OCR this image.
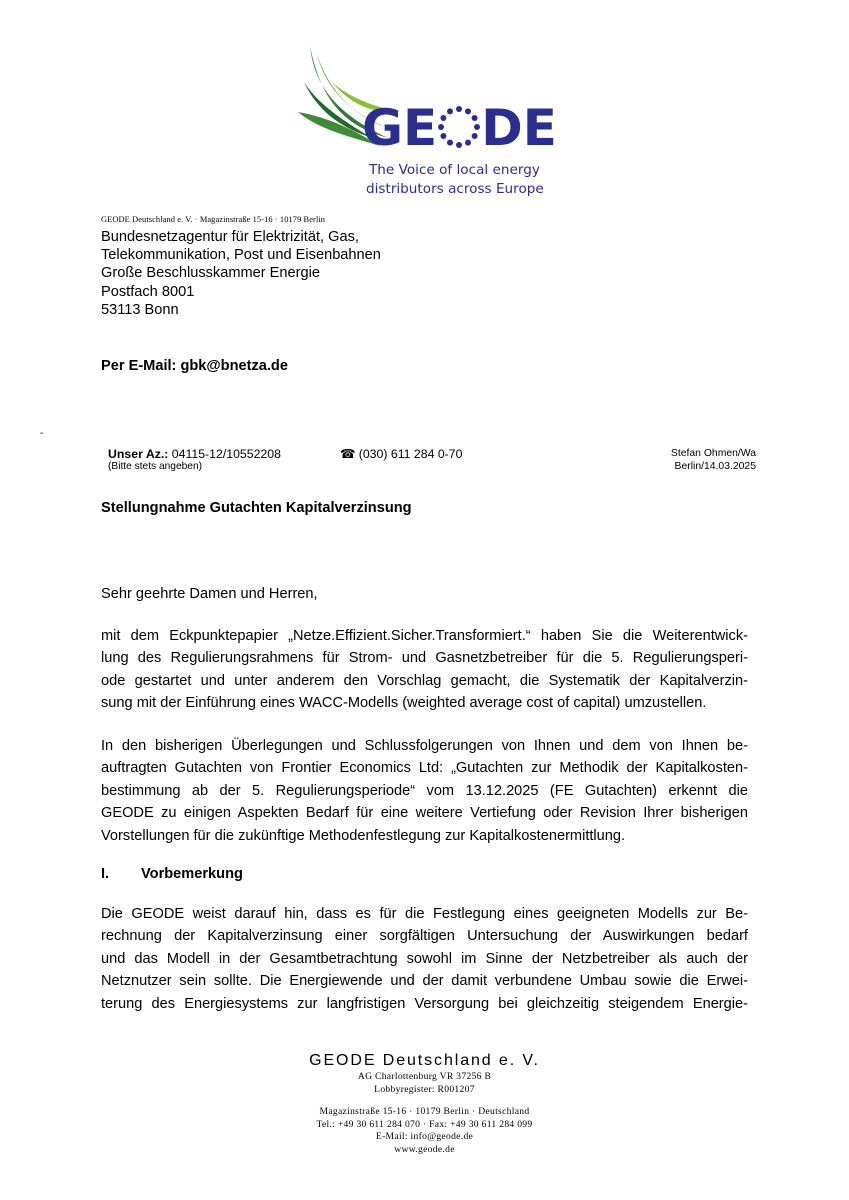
GE DE
The Voice of local energy
distributors across Europe
GEODE Deutschland e. V. · Magazinstraße 15-16 · 10179 Berlin
Bundesnetzagentur für Elektrizität, Gas,
Telekommunikation, Post und Eisenbahnen
Große Beschlusskammer Energie
Postfach 8001
53113 Bonn
Per E-Mail: gbk@bnetza.de
-
Unser Az.: 04115-12/10552208
(Bitte stets angeben)
☎ (030) 611 284 0-70	Stefan Ohmen/Wa
Berlin/14.03.2025
Stellungnahme Gutachten Kapitalverzinsung
Sehr geehrte Damen und Herren,
mit dem Eckpunktepapier „Netze.Effizient.Sicher.Transformiert.“ haben Sie die Weiterentwick-
lung des Regulierungsrahmens für Strom- und Gasnetzbetreiber für die 5. Regulierungsperi-
ode gestartet und unter anderem den Vorschlag gemacht, die Systematik der Kapitalverzin-
sung mit der Einführung eines WACC-Modells (weighted average cost of capital) umzustellen.
In den bisherigen Überlegungen und Schlussfolgerungen von Ihnen und dem von Ihnen be-
auftragten Gutachten von Frontier Economics Ltd: „Gutachten zur Methodik der Kapitalkosten-
bestimmung ab der 5. Regulierungsperiode“ vom 13.12.2025 (FE Gutachten) erkennt die
GEODE zu einigen Aspekten Bedarf für eine weitere Vertiefung oder Revision Ihrer bisherigen
Vorstellungen für die zukünftige Methodenfestlegung zur Kapitalkostenermittlung.
I. Vorbemerkung
Die GEODE weist darauf hin, dass es für die Festlegung eines geeigneten Modells zur Be-
rechnung der Kapitalverzinsung einer sorgfältigen Untersuchung der Auswirkungen bedarf
und das Modell in der Gesamtbetrachtung sowohl im Sinne der Netzbetreiber als auch der
Netznutzer sein sollte. Die Energiewende und der damit verbundene Umbau sowie die Erwei-
terung des Energiesystems zur langfristigen Versorgung bei gleichzeitig steigendem Energie-
GEODE Deutschland e. V.
AG Charlottenburg VR 37256 B
Lobbyregister: R001207
Magazinstraße 15-16 · 10179 Berlin · Deutschland
Tel.: +49 30 611 284 070 · Fax: +49 30 611 284 099
E-Mail: info@geode.de
www.geode.de
